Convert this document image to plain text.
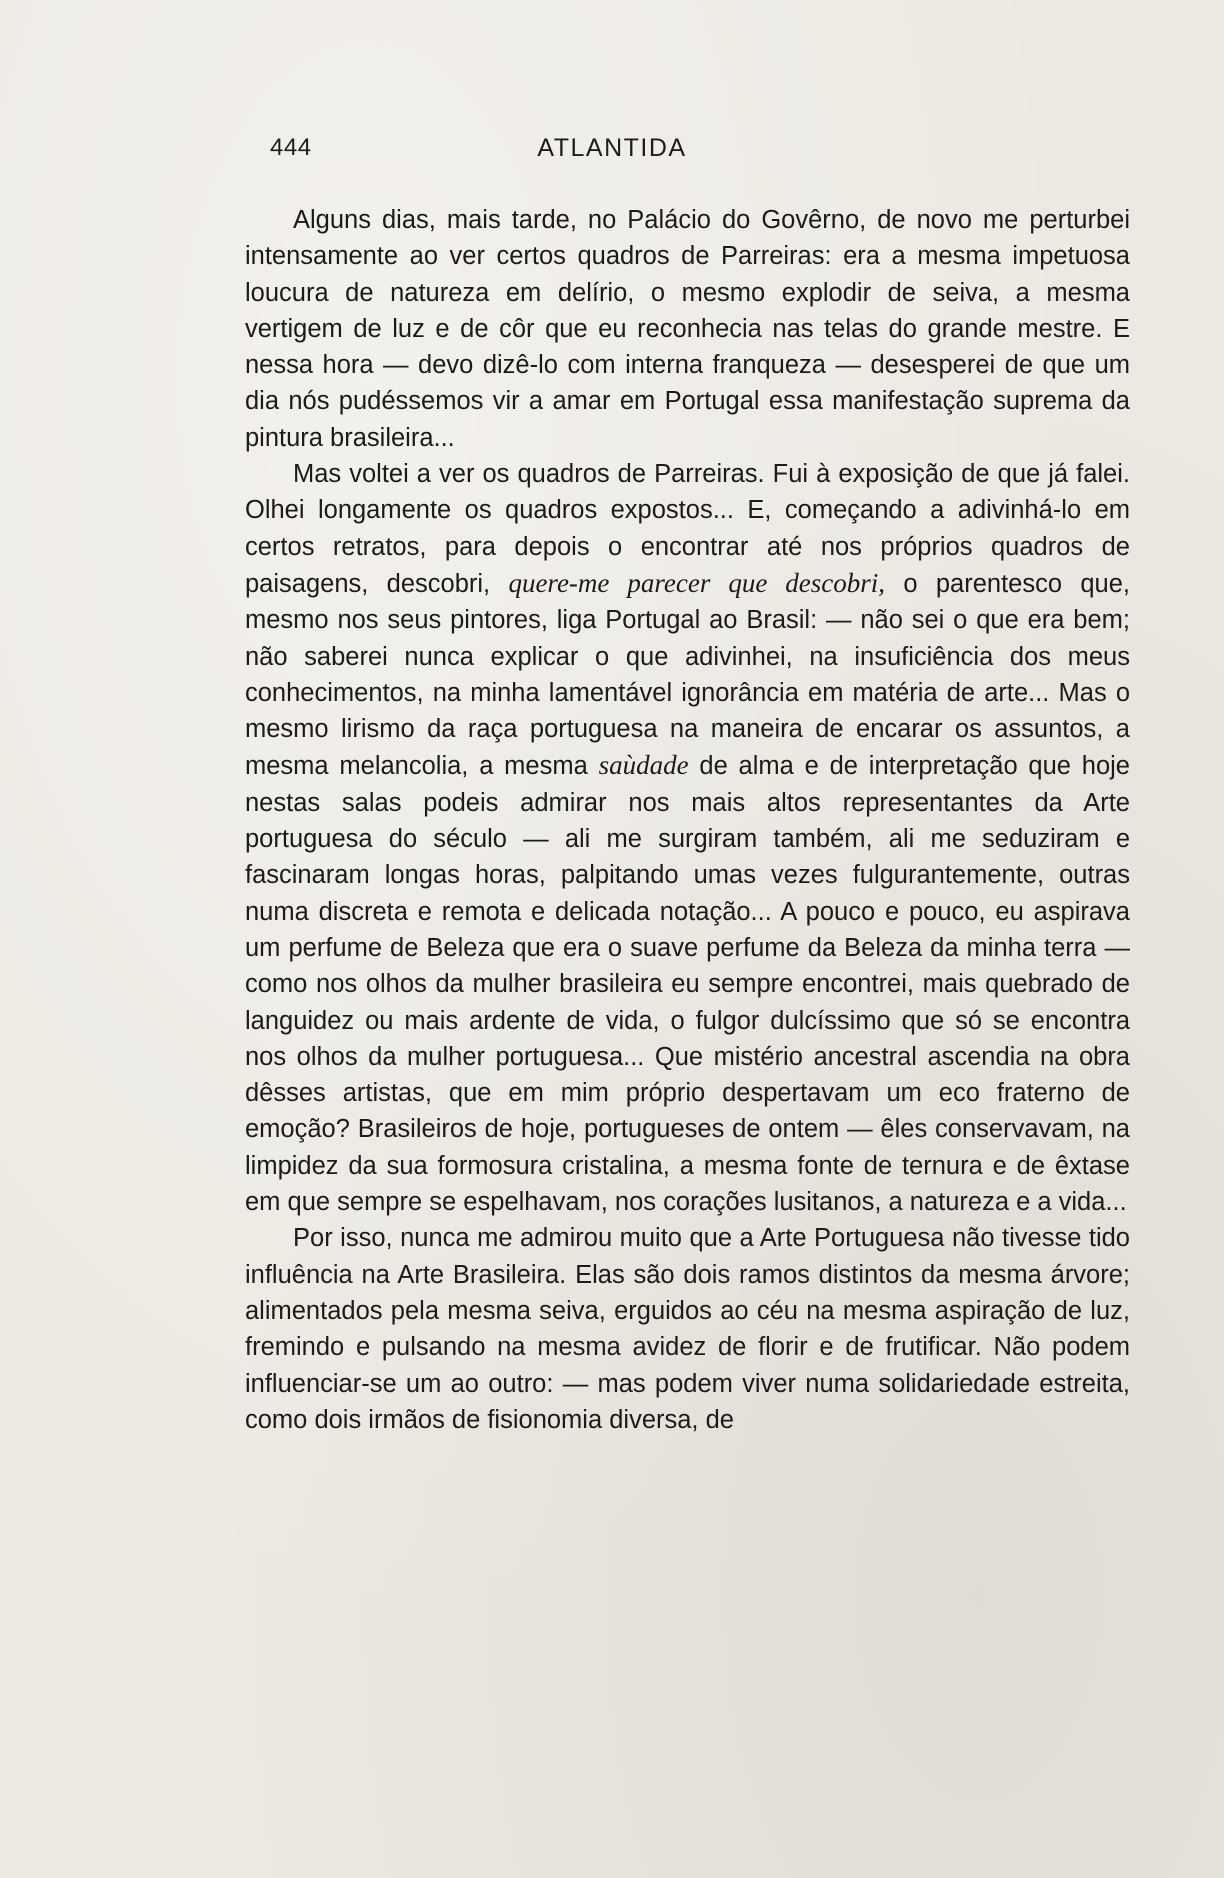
444	ATLANTIDA

Alguns dias, mais tarde, no Palácio do Govêrno, de novo me perturbei intensamente ao ver certos quadros de Parreiras: era a mesma impetuosa loucura de natureza em delírio, o mesmo explodir de seiva, a mesma vertigem de luz e de côr que eu reconhecia nas telas do grande mestre. E nessa hora — devo dizê-lo com interna franqueza — desesperei de que um dia nós pudéssemos vir a amar em Portugal essa manifestação suprema da pintura brasileira...

Mas voltei a ver os quadros de Parreiras. Fui à exposição de que já falei. Olhei longamente os quadros expostos... E, começando a adivinhá-lo em certos retratos, para depois o encontrar até nos próprios quadros de paisagens, descobri, quere-me parecer que descobri, o parentesco que, mesmo nos seus pintores, liga Portugal ao Brasil: — não sei o que era bem; não saberei nunca explicar o que adivinhei, na insuficiência dos meus conhecimentos, na minha lamentável ignorância em matéria de arte... Mas o mesmo lirismo da raça portuguesa na maneira de encarar os assuntos, a mesma melancolia, a mesma saùdade de alma e de interpretação que hoje nestas salas podeis admirar nos mais altos representantes da Arte portuguesa do século — ali me surgiram também, ali me seduziram e fascinaram longas horas, palpitando umas vezes fulgurantemente, outras numa discreta e remota e delicada notação... A pouco e pouco, eu aspirava um perfume de Beleza que era o suave perfume da Beleza da minha terra — como nos olhos da mulher brasileira eu sempre encontrei, mais quebrado de languidez ou mais ardente de vida, o fulgor dulcíssimo que só se encontra nos olhos da mulher portuguesa... Que mistério ancestral ascendia na obra dêsses artistas, que em mim próprio despertavam um eco fraterno de emoção? Brasileiros de hoje, portugueses de ontem — êles conservavam, na limpidez da sua formosura cristalina, a mesma fonte de ternura e de êxtase em que sempre se espelhavam, nos corações lusitanos, a natureza e a vida...

Por isso, nunca me admirou muito que a Arte Portuguesa não tivesse tido influência na Arte Brasileira. Elas são dois ramos distintos da mesma árvore; alimentados pela mesma seiva, erguidos ao céu na mesma aspiração de luz, fremindo e pulsando na mesma avidez de florir e de frutificar. Não podem influenciar-se um ao outro: — mas podem viver numa solidariedade estreita, como dois irmãos de fisionomia diversa, de
